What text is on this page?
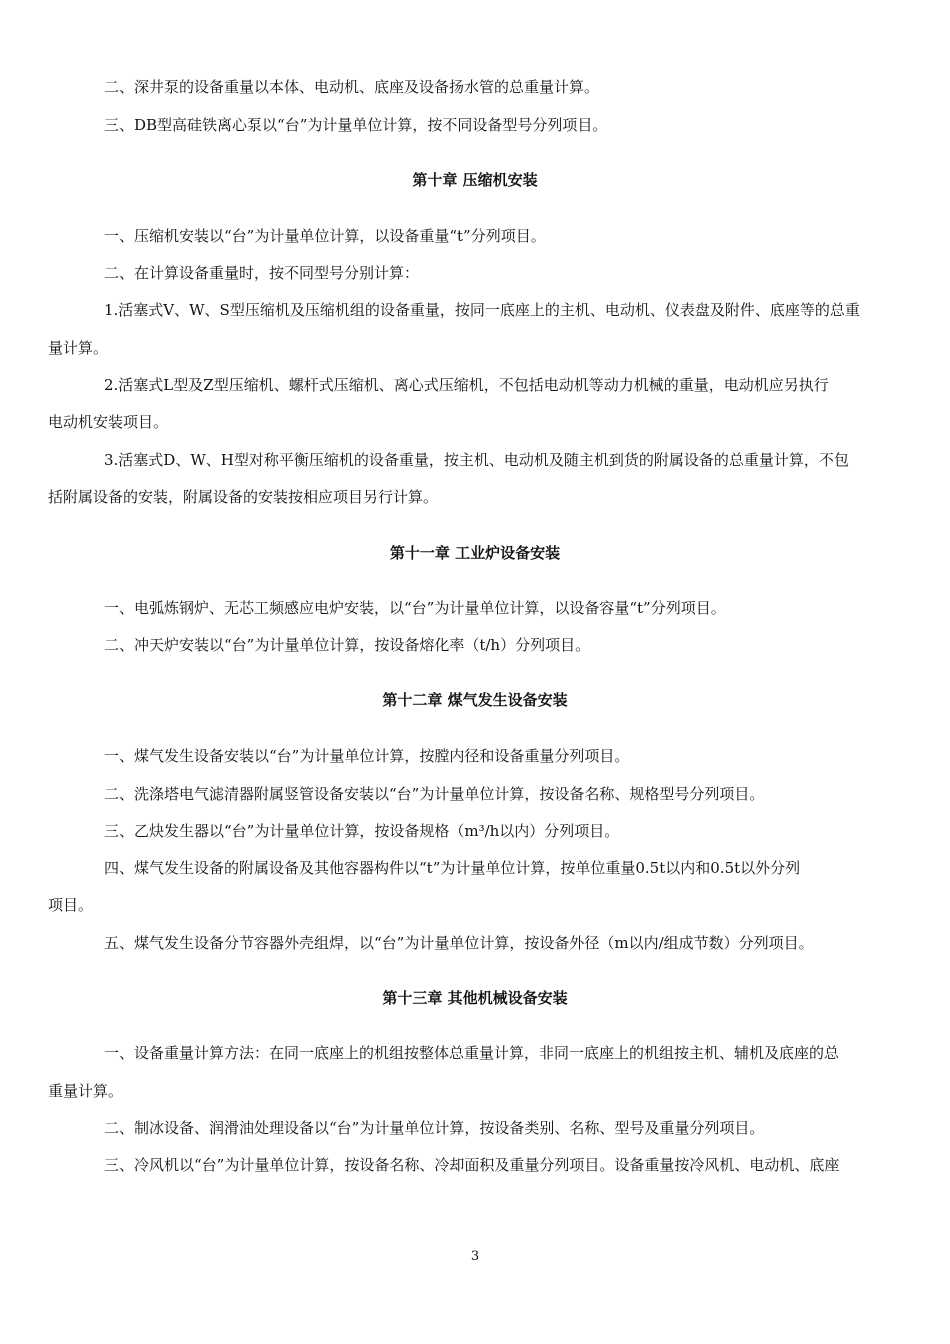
二、深井泵的设备重量以本体、电动机、底座及设备扬水管的总重量计算。
三、DB型高硅铁离心泵以“台”为计量单位计算，按不同设备型号分列项目。
第十章 压缩机安装
一、压缩机安装以“台”为计量单位计算，以设备重量“t”分列项目。
二、在计算设备重量时，按不同型号分别计算：
1.活塞式V、W、S型压缩机及压缩机组的设备重量，按同一底座上的主机、电动机、仪表盘及附件、底座等的总重
量计算。
2.活塞式L型及Z型压缩机、螺杆式压缩机、离心式压缩机，不包括电动机等动力机械的重量，电动机应另执行
电动机安装项目。
3.活塞式D、W、H型对称平衡压缩机的设备重量，按主机、电动机及随主机到货的附属设备的总重量计算，不包
括附属设备的安装，附属设备的安装按相应项目另行计算。
第十一章 工业炉设备安装
一、电弧炼钢炉、无芯工频感应电炉安装，以“台”为计量单位计算，以设备容量“t”分列项目。
二、冲天炉安装以“台”为计量单位计算，按设备熔化率（t/h）分列项目。
第十二章 煤气发生设备安装
一、煤气发生设备安装以“台”为计量单位计算，按膛内径和设备重量分列项目。
二、洗涤塔电气滤清器附属竖管设备安装以“台”为计量单位计算，按设备名称、规格型号分列项目。
三、乙炔发生器以“台”为计量单位计算，按设备规格（m³/h以内）分列项目。
四、煤气发生设备的附属设备及其他容器构件以“t”为计量单位计算，按单位重量0.5t以内和0.5t以外分列
项目。
五、煤气发生设备分节容器外壳组焊，以“台”为计量单位计算，按设备外径（m以内/组成节数）分列项目。
第十三章 其他机械设备安装
一、设备重量计算方法：在同一底座上的机组按整体总重量计算，非同一底座上的机组按主机、辅机及底座的总
重量计算。
二、制冰设备、润滑油处理设备以“台”为计量单位计算，按设备类别、名称、型号及重量分列项目。
三、冷风机以“台”为计量单位计算，按设备名称、冷却面积及重量分列项目。设备重量按冷风机、电动机、底座
3
